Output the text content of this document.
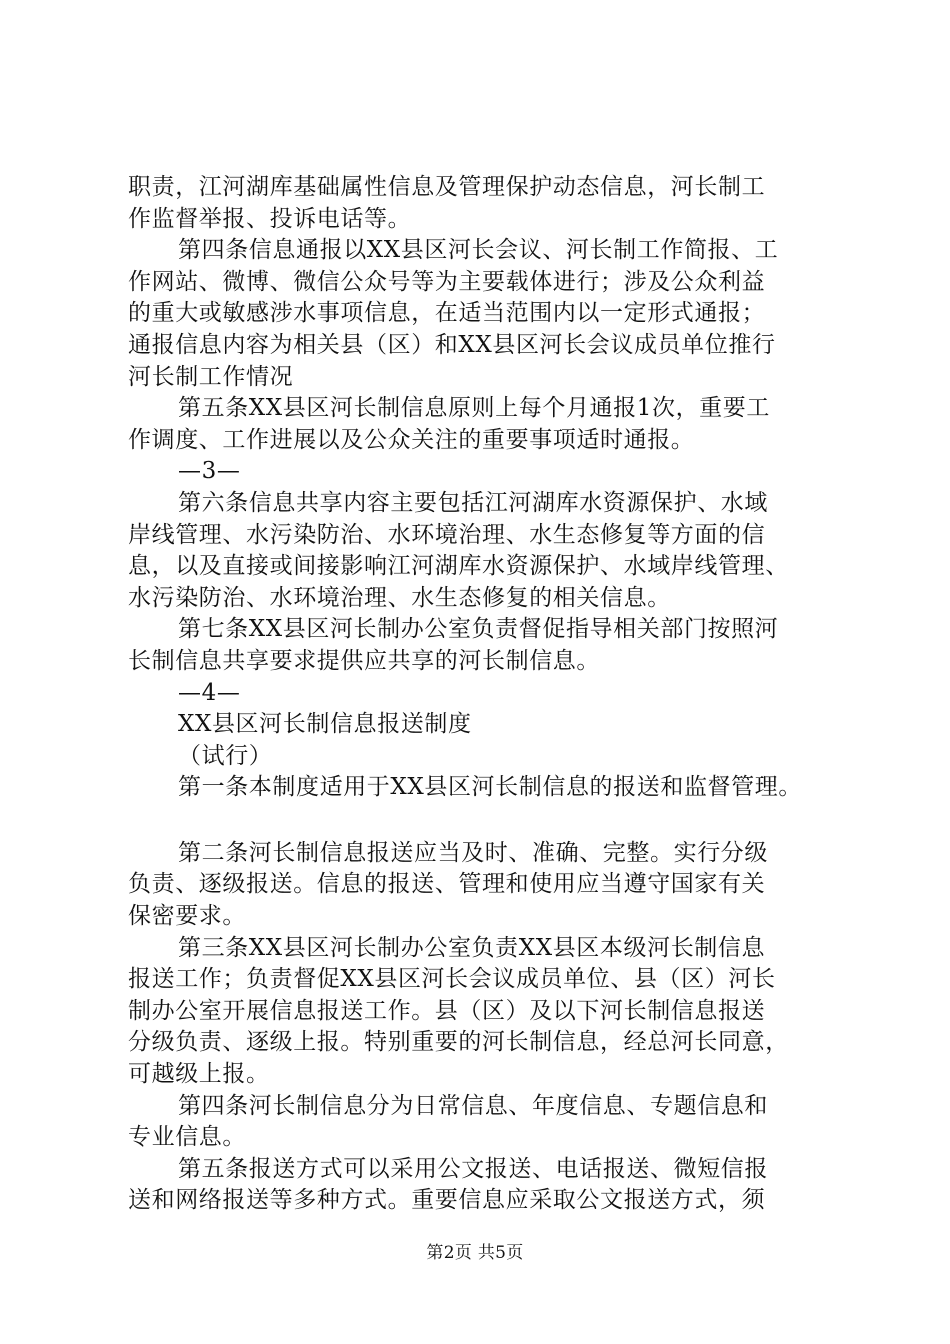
职责，江河湖库基础属性信息及管理保护动态信息，河长制工
作监督举报、投诉电话等。
第四条信息通报以XX县区河长会议、河长制工作简报、工
作网站、微博、微信公众号等为主要载体进行；涉及公众利益
的重大或敏感涉水事项信息，在适当范围内以一定形式通报；
通报信息内容为相关县（区）和XX县区河长会议成员单位推行
河长制工作情况
第五条XX县区河长制信息原则上每个月通报1次，重要工
作调度、工作进展以及公众关注的重要事项适时通报。
—3—
第六条信息共享内容主要包括江河湖库水资源保护、水域
岸线管理、水污染防治、水环境治理、水生态修复等方面的信
息，以及直接或间接影响江河湖库水资源保护、水域岸线管理、
水污染防治、水环境治理、水生态修复的相关信息。
第七条XX县区河长制办公室负责督促指导相关部门按照河
长制信息共享要求提供应共享的河长制信息。
—4—
XX县区河长制信息报送制度
（试行）
第一条本制度适用于XX县区河长制信息的报送和监督管理。
第二条河长制信息报送应当及时、准确、完整。实行分级
负责、逐级报送。信息的报送、管理和使用应当遵守国家有关
保密要求。
第三条XX县区河长制办公室负责XX县区本级河长制信息
报送工作；负责督促XX县区河长会议成员单位、县（区）河长
制办公室开展信息报送工作。县（区）及以下河长制信息报送
分级负责、逐级上报。特别重要的河长制信息，经总河长同意，
可越级上报。
第四条河长制信息分为日常信息、年度信息、专题信息和
专业信息。
第五条报送方式可以采用公文报送、电话报送、微短信报
送和网络报送等多种方式。重要信息应采取公文报送方式，须
第2页 共5页
